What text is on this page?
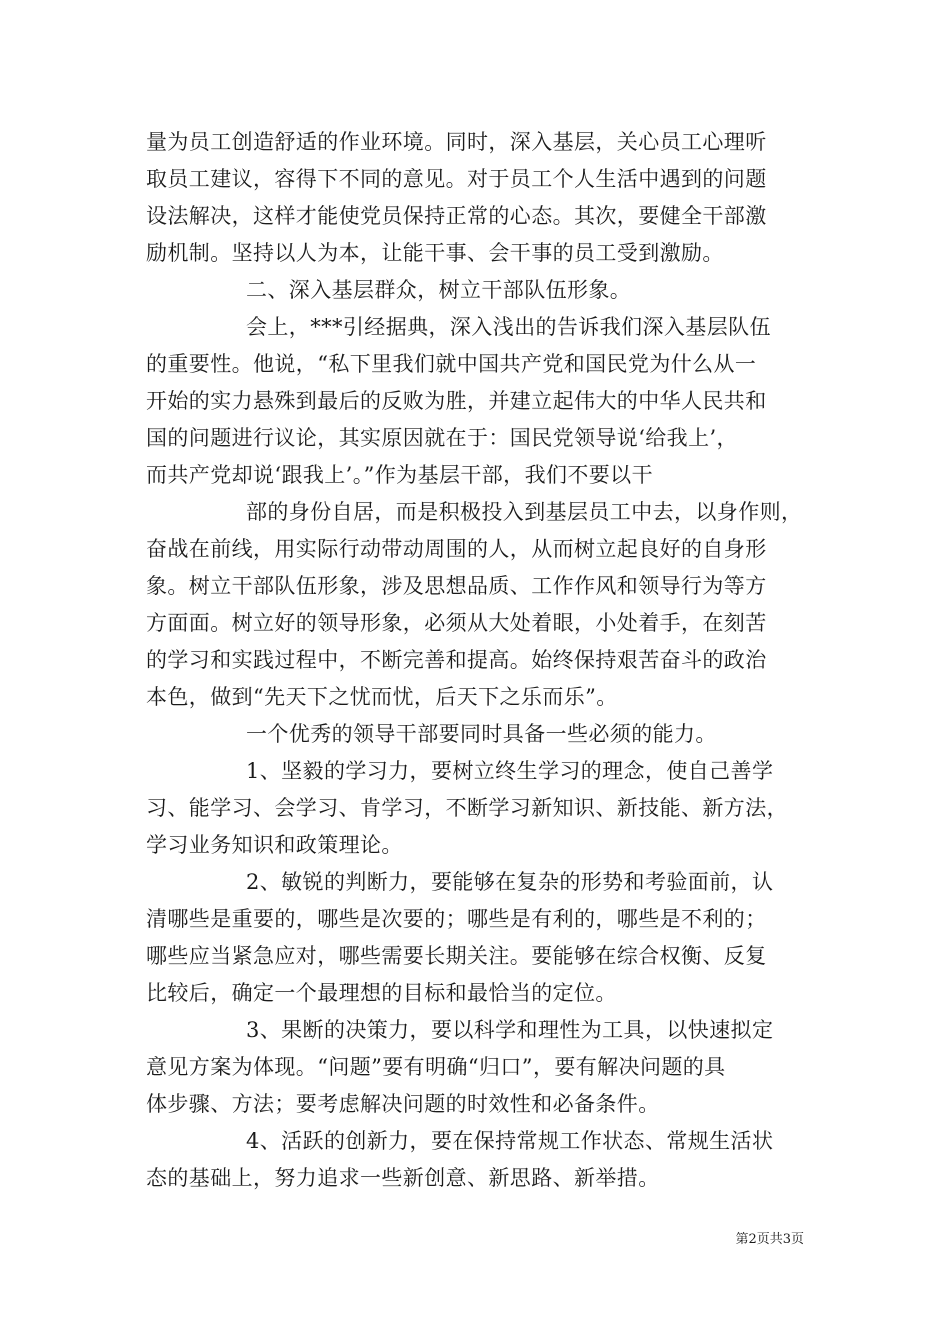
量为员工创造舒适的作业环境。同时，深入基层，关心员工心理听
取员工建议，容得下不同的意见。对于员工个人生活中遇到的问题
设法解决，这样才能使党员保持正常的心态。其次，要健全干部激
励机制。坚持以人为本，让能干事、会干事的员工受到激励。
二、深入基层群众，树立干部队伍形象。
会上，***引经据典，深入浅出的告诉我们深入基层队伍
的重要性。他说，“私下里我们就中国共产党和国民党为什么从一
开始的实力悬殊到最后的反败为胜，并建立起伟大的中华人民共和
国的问题进行议论，其实原因就在于：国民党领导说‘给我上’，
而共产党却说‘跟我上’。”作为基层干部，我们不要以干
部的身份自居，而是积极投入到基层员工中去，以身作则，
奋战在前线，用实际行动带动周围的人，从而树立起良好的自身形
象。树立干部队伍形象，涉及思想品质、工作作风和领导行为等方
方面面。树立好的领导形象，必须从大处着眼，小处着手，在刻苦
的学习和实践过程中，不断完善和提高。始终保持艰苦奋斗的政治
本色，做到“先天下之忧而忧，后天下之乐而乐”。
一个优秀的领导干部要同时具备一些必须的能力。
1、坚毅的学习力，要树立终生学习的理念，使自己善学
习、能学习、会学习、肯学习，不断学习新知识、新技能、新方法，
学习业务知识和政策理论。
2、敏锐的判断力，要能够在复杂的形势和考验面前，认
清哪些是重要的，哪些是次要的；哪些是有利的，哪些是不利的；
哪些应当紧急应对，哪些需要长期关注。要能够在综合权衡、反复
比较后，确定一个最理想的目标和最恰当的定位。
3、果断的决策力，要以科学和理性为工具，以快速拟定
意见方案为体现。“问题”要有明确“归口”，要有解决问题的具
体步骤、方法；要考虑解决问题的时效性和必备条件。
4、活跃的创新力，要在保持常规工作状态、常规生活状
态的基础上，努力追求一些新创意、新思路、新举措。
第2页共3页
